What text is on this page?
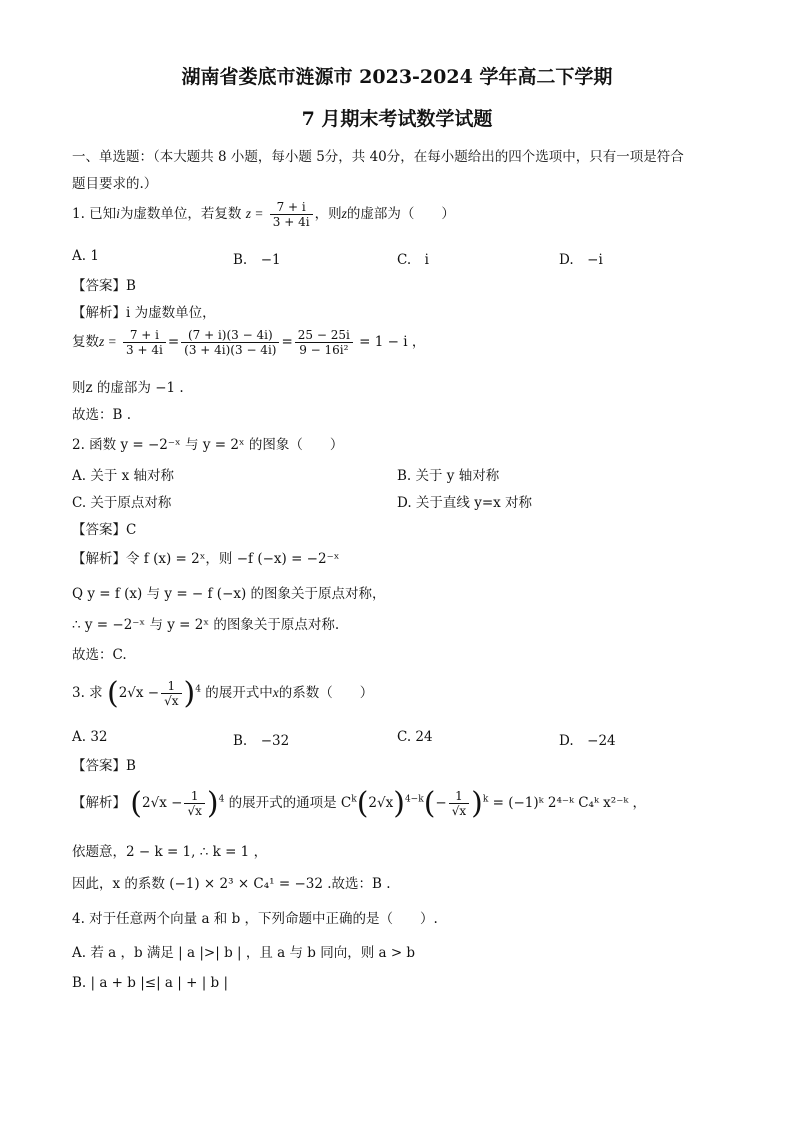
湖南省娄底市涟源市 2023-2024 学年高二下学期
7 月期末考试数学试题
一、单选题：（本大题共 8 小题，每小题 5分，共 40分，在每小题给出的四个选项中，只有一项是符合
题目要求的.）
1. 已知i为虚数单位，若复数 $z = \frac{7 + i}{3 + 4i}$ ，则z的虚部为（　　）
A. 1	B.　−1	C.　i	D.　−i
【答案】B
【解析】i 为虚数单位，
复数$z = \frac{7 + i}{3 + 4i} = \frac{(7 + i)(3 - 4i)}{(3 + 4i)(3 - 4i)} = \frac{25 - 25i}{\text{9 − 16i²}} = 1 - i$ ，
则z 的虚部为 −1 .
故选：B .
2. 函数 y = −2⁻ˣ 与 y = 2ˣ 的图象（　　）
A. 关于 x 轴对称	B. 关于 y 轴对称
C. 关于原点对称	D. 关于直线 y=x 对称
【答案】C
【解析】令 f (x) = 2ˣ，则 −f (−x) = −2⁻ˣ
Q y = f (x) 与 y = − f (−x) 的图象关于原点对称，
∴ y = −2⁻ˣ 与 y = 2ˣ 的图象关于原点对称.
故选：C.
3. 求 $(2√x - \frac{1}{√x} )^4$ 的展开式中x的系数（　　）
A. 32	B.　−32	C. 24	D.　−24
【答案】B
【解析】 $(2√x - \frac{1}{√x} )^4$ 的展开式的通项是 $C^k(2√x)^{4-k}(- \frac{1}{√x} )^k$ = (−1)ᵏ 2⁴⁻ᵏ C₄ᵏ x²⁻ᵏ ，
依题意，2 − k = 1, ∴ k = 1 ，
因此，x 的系数 (−1) × 2³ × C₄¹ = −32 .故选：B .
4. 对于任意两个向量 a 和 b ，下列命题中正确的是（　　）.
A. 若 a ，b 满足 | a |>| b | ，且 a 与 b 同向，则 a > b
B. | a + b |≤| a | + | b |
